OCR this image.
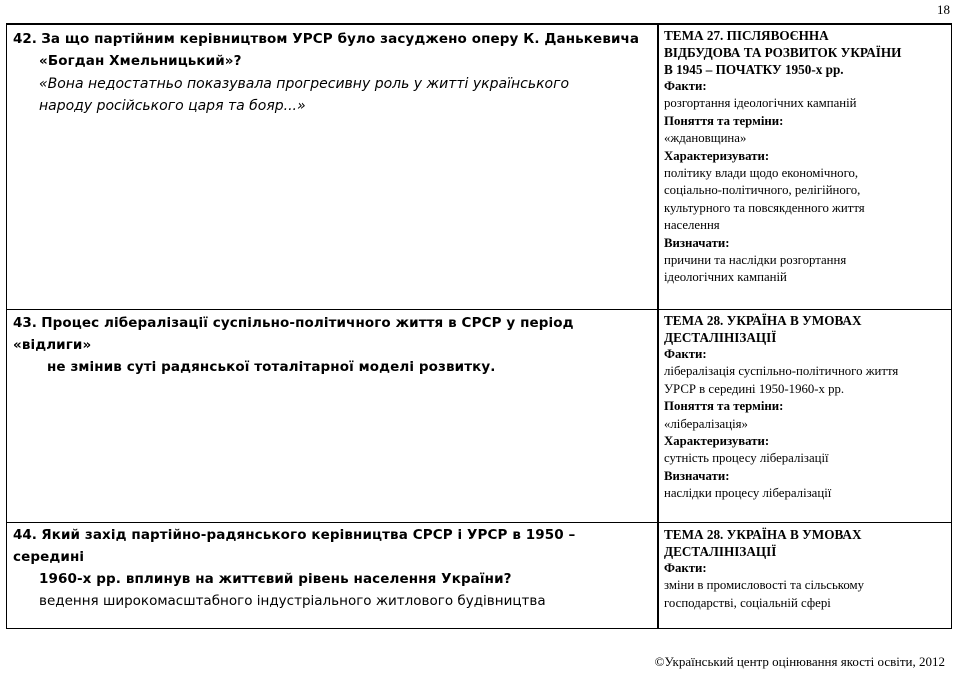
18
42. За що партійним керівництвом УРСР було засуджено оперу К. Данькевича
«Богдан Хмельницький»?
«Вона недостатньо показувала прогресивну роль у житті українського
народу російського царя та бояр...»
ТЕМА 27. ПІСЛЯВОЄННА
ВІДБУДОВА ТА РОЗВИТОК УКРАЇНИ
В 1945 – ПОЧАТКУ 1950-х рр.
Факти:
розгортання ідеологічних кампаній
Поняття та терміни:
«ждановщина»
Характеризувати:
політику влади щодо економічного,
соціально-політичного, релігійного,
культурного та повсякденного життя
населення
Визначати:
причини та наслідки розгортання
ідеологічних кампаній
43. Процес лібералізації суспільно-політичного життя в СРСР у період «відлиги»
не змінив суті радянської тоталітарної моделі розвитку.
ТЕМА 28. УКРАЇНА В УМОВАХ
ДЕСТАЛІНІЗАЦІЇ
Факти:
лібералізація суспільно-політичного життя
УРСР в середині 1950-1960-х рр.
Поняття та терміни:
«лібералізація»
Характеризувати:
сутність процесу лібералізації
Визначати:
наслідки процесу лібералізації
44. Який захід партійно-радянського керівництва СРСР і УРСР в 1950 – середині
1960-х рр. вплинув на життєвий рівень населення України?
ведення широкомасштабного індустріального житлового будівництва
ТЕМА 28. УКРАЇНА В УМОВАХ
ДЕСТАЛІНІЗАЦІЇ
Факти:
зміни в промисловості та сільському
господарстві, соціальній сфері
©Український центр оцінювання якості освіти, 2012
